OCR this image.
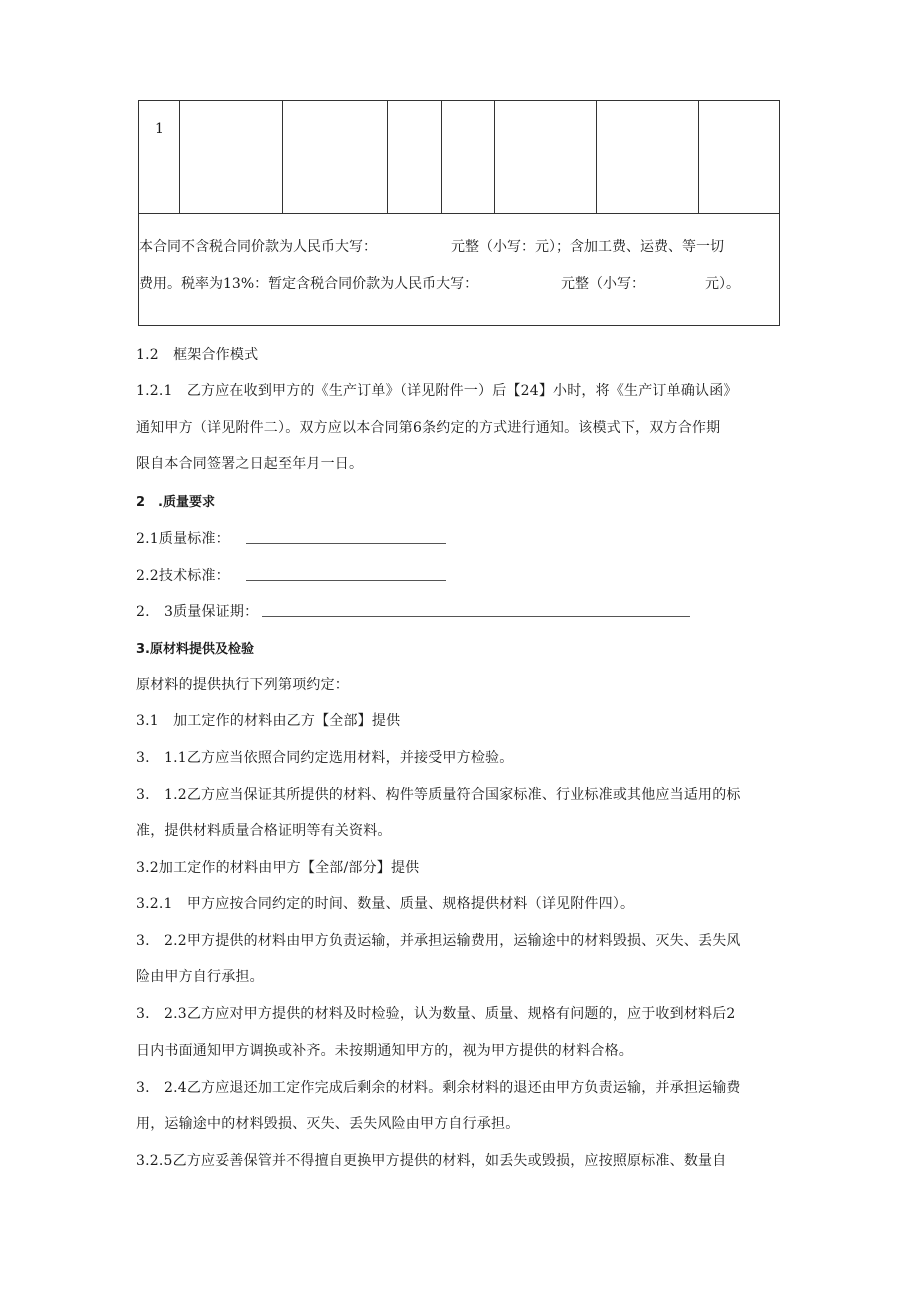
1
本合同不含税合同价款为人民币大写：	元整（小写：元）；含加工费、运费、等一切
费用。税率为13%：暂定含税合同价款为人民币大写：	元整（小写：	元）。
1.2　框架合作模式
1.2.1　乙方应在收到甲方的《生产订单》（详见附件一）后【24】小时，将《生产订单确认函》
通知甲方（详见附件二）。双方应以本合同第6条约定的方式进行通知。该模式下，双方合作期
限自本合同签署之日起至年月一日。
2　.质量要求
2.1质量标准：
2.2技术标准：
2.　3质量保证期：
3.原材料提供及检验
原材料的提供执行下列第项约定：
3.1　加工定作的材料由乙方【全部】提供
3.　1.1乙方应当依照合同约定选用材料，并接受甲方检验。
3.　1.2乙方应当保证其所提供的材料、构件等质量符合国家标准、行业标准或其他应当适用的标
准，提供材料质量合格证明等有关资料。
3.2加工定作的材料由甲方【全部/部分】提供
3.2.1　甲方应按合同约定的时间、数量、质量、规格提供材料（详见附件四）。
3.　2.2甲方提供的材料由甲方负责运输，并承担运输费用，运输途中的材料毁损、灭失、丢失风
险由甲方自行承担。
3.　2.3乙方应对甲方提供的材料及时检验，认为数量、质量、规格有问题的，应于收到材料后2
日内书面通知甲方调换或补齐。未按期通知甲方的，视为甲方提供的材料合格。
3.　2.4乙方应退还加工定作完成后剩余的材料。剩余材料的退还由甲方负责运输，并承担运输费
用，运输途中的材料毁损、灭失、丢失风险由甲方自行承担。
3.2.5乙方应妥善保管并不得擅自更换甲方提供的材料，如丢失或毁损，应按照原标准、数量自
